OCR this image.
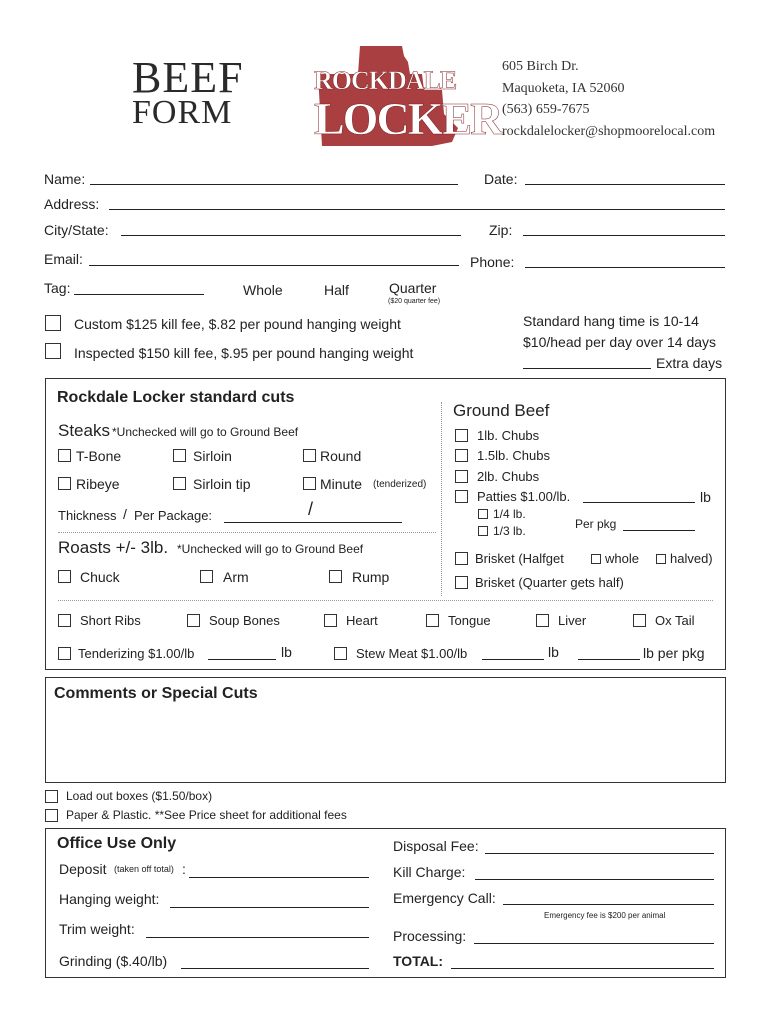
BEEF
FORM
ROCKDALE
LOCKER
605 Birch Dr.
Maquoketa, IA 52060
(563) 659-7675
rockdalelocker@shopmoorelocal.com
Name:	Date:
Address:
City/State:	Zip:
Email:	Phone:
Tag:	Whole	Half	Quarter
($20 quarter fee)
Custom $125 kill fee, $.82 per pound hanging weight
Inspected $150 kill fee, $.95 per pound hanging weight
Standard hang time is 10-14
$10/head per day over 14 days
Extra days
Rockdale Locker standard cuts
Steaks *Unchecked will go to Ground Beef
T-Bone	Sirloin	Round
Ribeye	Sirloin tip	Minute (tenderized)
Thickness / Per Package:	/
Roasts +/- 3lb. *Unchecked will go to Ground Beef
Chuck	Arm	Rump
Ground Beef
1lb. Chubs
1.5lb. Chubs
2lb. Chubs
Patties $1.00/lb.	lb
1/4 lb.
1/3 lb.	Per pkg
Brisket (Halfget	whole halved)
Brisket (Quarter gets half)
Short Ribs	Soup Bones	Heart	Tongue	Liver	Ox Tail
Tenderizing $1.00/lb	lb	Stew Meat $1.00/lb	lb	lb per pkg
Comments or Special Cuts
Load out boxes ($1.50/box)
Paper & Plastic. **See Price sheet for additional fees
Office Use Only
Deposit (taken off total) :
Hanging weight:
Trim weight:
Grinding ($.40/lb)
Disposal Fee:
Kill Charge:
Emergency Call:
Emergency fee is $200 per animal
Processing:
TOTAL:
